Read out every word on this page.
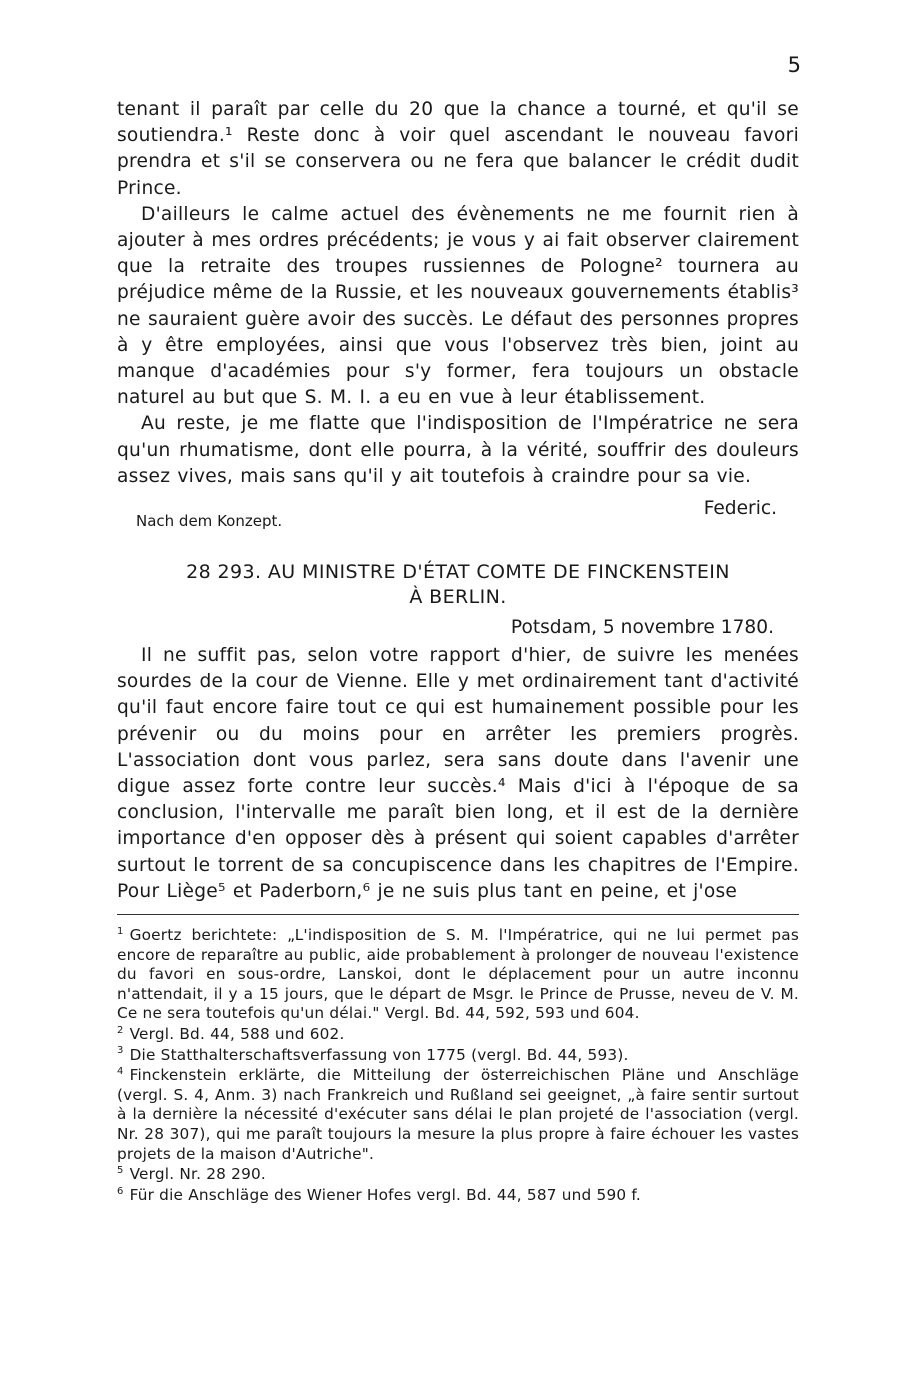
5

tenant il paraît par celle du 20 que la chance a tourné, et qu'il se soutiendra.¹ Reste donc à voir quel ascendant le nouveau favori prendra et s'il se conservera ou ne fera que balancer le crédit dudit Prince.

D'ailleurs le calme actuel des évènements ne me fournit rien à ajouter à mes ordres précédents; je vous y ai fait observer clairement que la retraite des troupes russiennes de Pologne² tournera au préjudice même de la Russie, et les nouveaux gouvernements établis³ ne sauraient guère avoir des succès. Le défaut des personnes propres à y être employées, ainsi que vous l'observez très bien, joint au manque d'académies pour s'y former, fera toujours un obstacle naturel au but que S. M. I. a eu en vue à leur établissement.

Au reste, je me flatte que l'indisposition de l'Impératrice ne sera qu'un rhumatisme, dont elle pourra, à la vérité, souffrir des douleurs assez vives, mais sans qu'il y ait toutefois à craindre pour sa vie.

Federic.
Nach dem Konzept.
28 293. AU MINISTRE D'ÉTAT COMTE DE FINCKENSTEIN
À BERLIN.
Potsdam, 5 novembre 1780.

Il ne suffit pas, selon votre rapport d'hier, de suivre les menées sourdes de la cour de Vienne. Elle y met ordinairement tant d'activité qu'il faut encore faire tout ce qui est humainement possible pour les prévenir ou du moins pour en arrêter les premiers progrès. L'association dont vous parlez, sera sans doute dans l'avenir une digue assez forte contre leur succès.⁴ Mais d'ici à l'époque de sa conclusion, l'intervalle me paraît bien long, et il est de la dernière importance d'en opposer dès à présent qui soient capables d'arrêter surtout le torrent de sa concupiscence dans les chapitres de l'Empire. Pour Liège⁵ et Paderborn,⁶ je ne suis plus tant en peine, et j'ose

$^1$ Goertz berichtete: „L'indisposition de S. M. l'Impératrice, qui ne lui permet pas encore de reparaître au public, aide probablement à prolonger de nouveau l'existence du favori en sous-ordre, Lanskoi, dont le déplacement pour un autre inconnu n'attendait, il y a 15 jours, que le départ de Msgr. le Prince de Prusse, neveu de V. M. Ce ne sera toutefois qu'un délai." Vergl. Bd. 44, 592, 593 und 604.

$^2$ Vergl. Bd. 44, 588 und 602.

$^3$ Die Statthalterschaftsverfassung von 1775 (vergl. Bd. 44, 593).

$^4$ Finckenstein erklärte, die Mitteilung der österreichischen Pläne und Anschläge (vergl. S. 4, Anm. 3) nach Frankreich und Rußland sei geeignet, „à faire sentir surtout à la dernière la nécessité d'exécuter sans délai le plan projeté de l'association (vergl. Nr. 28 307), qui me paraît toujours la mesure la plus propre à faire échouer les vastes projets de la maison d'Autriche".

$^5$ Vergl. Nr. 28 290.

$^6$ Für die Anschläge des Wiener Hofes vergl. Bd. 44, 587 und 590 f.
